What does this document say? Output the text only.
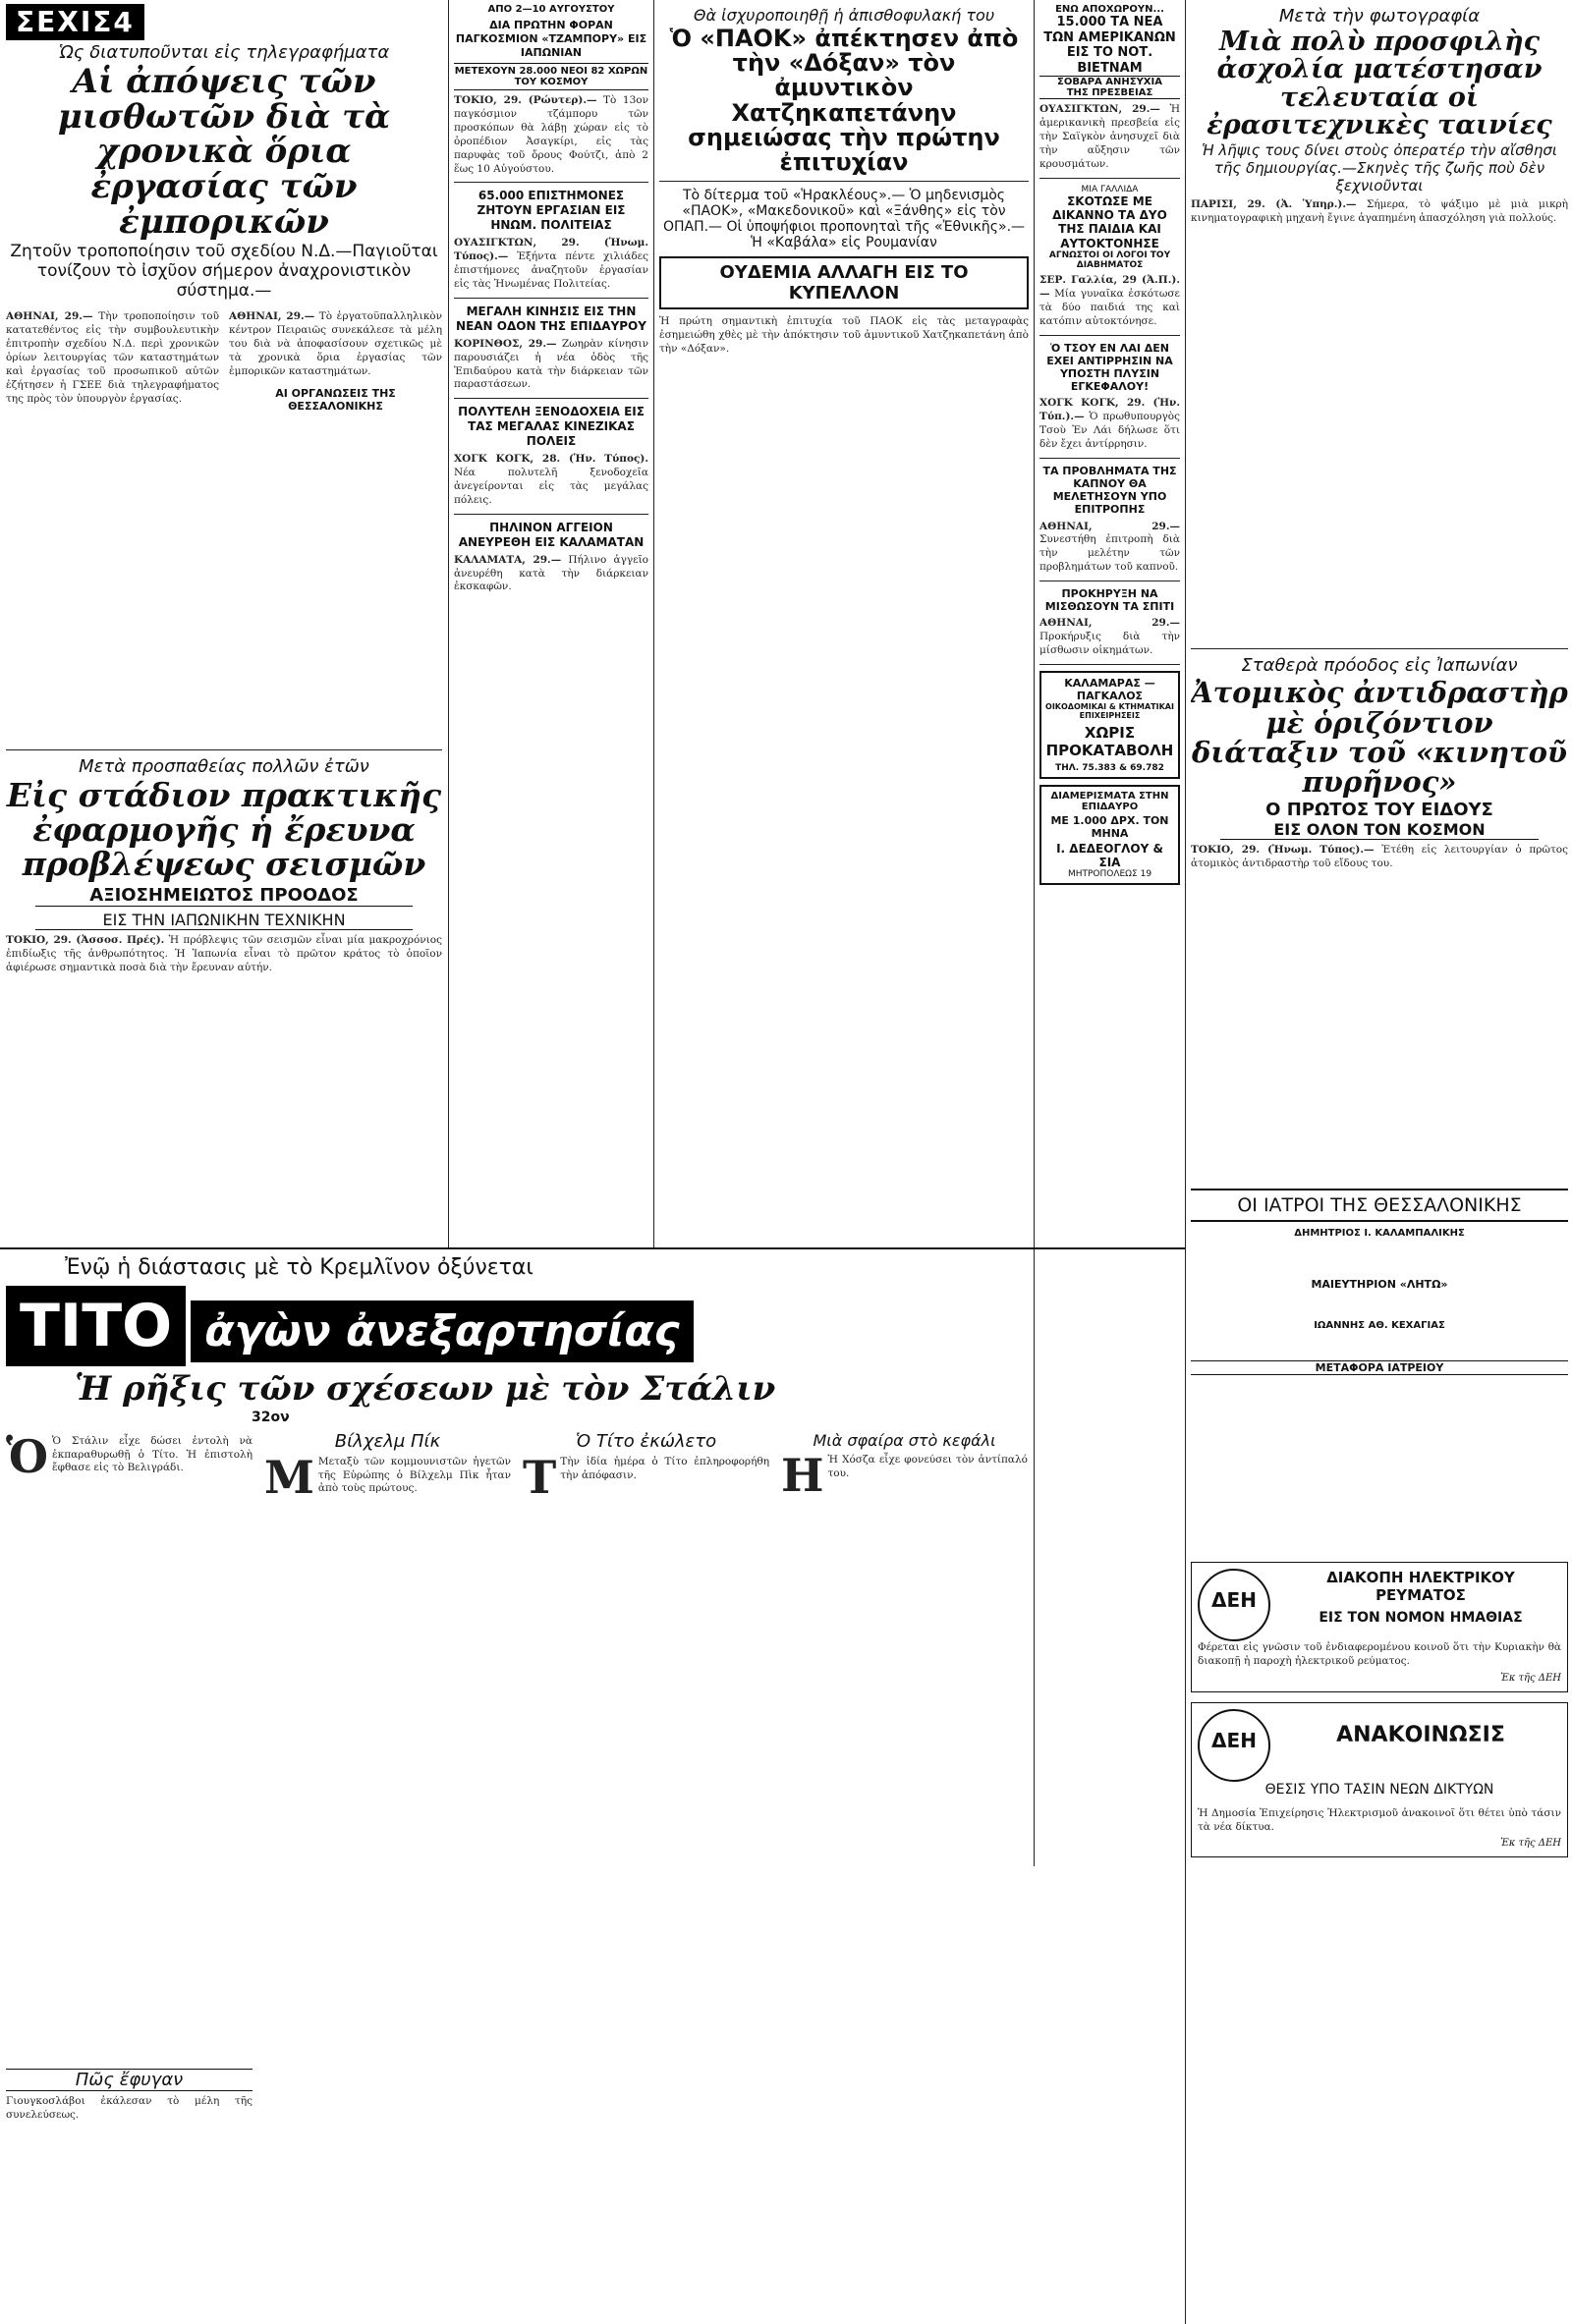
ΣΕΧΙΣ4
Ὡς διατυποῦνται εἰς τηλεγραφήματα
Αἱ ἀπόψεις τῶν μισθωτῶν διὰ τὰ χρονικὰ ὅρια ἐργασίας τῶν ἐμπορικῶν
Ζητοῦν τροποποίησιν τοῦ σχεδίου Ν.Δ.—Παγιοῦται τονίζουν τὸ ἰσχῦον σήμερον ἀναχρονιστικὸν σύστημα.—
ΑΘΗΝΑΙ, 29.— Τὴν τροποποίησιν τοῦ κατατεθέντος εἰς τὴν συμβουλευτικὴν ἐπιτροπὴν σχεδίου Ν.Δ. περὶ χρονικῶν ὁρίων λειτουργίας τῶν καταστημάτων καὶ ἐργασίας τοῦ προσωπικοῦ αὐτῶν ἐζήτησεν ἡ ΓΣΕΕ διὰ τηλεγραφήματος της πρὸς τὸν ὑπουργὸν ἐργασίας.
ΑΘΗΝΑΙ, 29.— Τὸ ἐργατοϋπαλληλικὸν κέντρον Πειραιῶς συνεκάλεσε τὰ μέλη του διὰ νὰ ἀποφασίσουν σχετικῶς μὲ τὰ χρονικὰ ὅρια ἐργασίας τῶν ἐμπορικῶν καταστημάτων.
ΑΙ ΟΡΓΑΝΩΣΕΙΣ ΤΗΣ ΘΕΣΣΑΛΟΝΙΚΗΣ
Μετὰ προσπαθείας πολλῶν ἐτῶν
Εἰς στάδιον πρακτικῆς ἐφαρμογῆς ἡ ἔρευνα προβλέψεως σεισμῶν
ΑΞΙΟΣΗΜΕΙΩΤΟΣ ΠΡΟΟΔΟΣ
ΕΙΣ ΤΗΝ ΙΑΠΩΝΙΚΗΝ ΤΕΧΝΙΚΗΝ
ΤΟΚΙΟ, 29. (Ἀσσοσ. Πρές). Ἡ πρόβλεψις τῶν σεισμῶν εἶναι μία μακροχρόνιος ἐπιδίωξις τῆς ἀνθρωπότητος. Ἡ Ἰαπωνία εἶναι τὸ πρῶτον κράτος τὸ ὁποῖον ἀφιέρωσε σημαντικὰ ποσὰ διὰ τὴν ἔρευναν αὐτήν.
ΑΠΟ 2—10 ΑΥΓΟΥΣΤΟΥ
ΔΙΑ ΠΡΩΤΗΝ ΦΟΡΑΝ ΠΑΓΚΟΣΜΙΟΝ «ΤΖΑΜΠΟΡΥ» ΕΙΣ ΙΑΠΩΝΙΑΝ
ΜΕΤΕΧΟΥΝ 28.000 ΝΕΟΙ 82 ΧΩΡΩΝ ΤΟΥ ΚΟΣΜΟΥ
ΤΟΚΙΟ, 29. (Ρώυτερ).— Τὸ 13ον παγκόσμιον τζάμπορυ τῶν προσκόπων θὰ λάβῃ χώραν εἰς τὸ ὀροπέδιον Ἀσαγκίρι, εἰς τὰς παρυφὰς τοῦ ὄρους Φούτζι, ἀπὸ 2 ἕως 10 Αὐγούστου.
65.000 ΕΠΙΣΤΗΜΟΝΕΣ ΖΗΤΟΥΝ ΕΡΓΑΣΙΑΝ ΕΙΣ ΗΝΩΜ. ΠΟΛΙΤΕΙΑΣ
ΟΥΑΣΙΓΚΤΩΝ, 29. (Ἠνωμ. Τύπος).— Ἐξήντα πέντε χιλιάδες ἐπιστήμονες ἀναζητοῦν ἐργασίαν εἰς τὰς Ἠνωμένας Πολιτείας.
ΜΕΓΑΛΗ ΚΙΝΗΣΙΣ ΕΙΣ ΤΗΝ ΝΕΑΝ ΟΔΟΝ ΤΗΣ ΕΠΙΔΑΥΡΟΥ
ΚΟΡΙΝΘΟΣ, 29.— Ζωηρὰν κίνησιν παρουσιάζει ἡ νέα ὁδὸς τῆς Ἐπιδαύρου κατὰ τὴν διάρκειαν τῶν παραστάσεων.
ΠΟΛΥΤΕΛΗ ΞΕΝΟΔΟΧΕΙΑ ΕΙΣ ΤΑΣ ΜΕΓΑΛΑΣ ΚΙΝΕΖΙΚΑΣ ΠΟΛΕΙΣ
ΧΟΓΚ ΚΟΓΚ, 28. (Ἠν. Τύπος). Νέα πολυτελῆ ξενοδοχεῖα ἀνεγείρονται εἰς τὰς μεγάλας πόλεις.
ΠΗΛΙΝΟΝ ΑΓΓΕΙΟΝ ΑΝΕΥΡΕΘΗ ΕΙΣ ΚΑΛΑΜΑΤΑΝ
ΚΑΛΑΜΑΤΑ, 29.— Πήλινο ἀγγεῖο ἀνευρέθη κατὰ τὴν διάρκειαν ἐκσκαφῶν.
Θὰ ἰσχυροποιηθῇ ἡ ἀπισθοφυλακή του
Ὁ «ΠΑΟΚ» ἀπέκτησεν ἀπὸ τὴν «Δόξαν» τὸν ἀμυντικὸν Χατζηκαπετάνην σημειώσας τὴν πρώτην ἐπιτυχίαν
Τὸ δίτερμα τοῦ «Ἡρακλέους».— Ὁ μηδενισμὸς «ΠΑΟΚ», «Μακεδονικοῦ» καὶ «Ξάνθης» εἰς τὸν ΟΠΑΠ.— Οἱ ὑποψήφιοι προπονηταὶ τῆς «Ἐθνικῆς».— Ἡ «Καβάλα» εἰς Ρουμανίαν
ΟΥΔΕΜΙΑ ΑΛΛΑΓΗ ΕΙΣ ΤΟ ΚΥΠΕΛΛΟΝ
Ἡ πρώτη σημαντικὴ ἐπιτυχία τοῦ ΠΑΟΚ εἰς τὰς μεταγραφὰς ἐσημειώθη χθὲς μὲ τὴν ἀπόκτησιν τοῦ ἀμυντικοῦ Χατζηκαπετάνη ἀπὸ τὴν «Δόξαν».
ΕΝΩ ΑΠΟΧΩΡΟΥΝ...
15.000 ΤΑ ΝΕΑ ΤΩΝ ΑΜΕΡΙΚΑΝΩΝ ΕΙΣ ΤΟ ΝΟΤ. ΒΙΕΤΝΑΜ
ΣΟΒΑΡΑ ΑΝΗΣΥΧΙΑ
ΤΗΣ ΠΡΕΣΒΕΙΑΣ
ΟΥΑΣΙΓΚΤΩΝ, 29.— Ἡ ἀμερικανικὴ πρεσβεία εἰς τὴν Σαϊγκὸν ἀνησυχεῖ διὰ τὴν αὔξησιν τῶν κρουσμάτων.
ΜΙΑ ΓΑΛΛΙΔΑ
ΣΚΟΤΩΣΕ ΜΕ ΔΙΚΑΝΝΟ ΤΑ ΔΥΟ ΤΗΣ ΠΑΙΔΙΑ ΚΑΙ ΑΥΤΟΚΤΟΝΗΣΕ
ΑΓΝΩΣΤΟΙ ΟΙ ΛΟΓΟΙ ΤΟΥ ΔΙΑΒΗΜΑΤΟΣ
ΣΕΡ. Γαλλία, 29 (Ἀ.Π.).— Μία γυναῖκα ἐσκότωσε τὰ δύο παιδιά της καὶ κατόπιν αὐτοκτόνησε.
Ὁ ΤΣΟΥ ΕΝ ΛΑΙ ΔΕΝ ΕΧΕΙ ΑΝΤΙΡΡΗΣΙΝ ΝΑ ΥΠΟΣΤΗ ΠΛΥΣΙΝ ΕΓΚΕΦΑΛΟΥ!
ΧΟΓΚ ΚΟΓΚ, 29. (Ἠν. Τύπ.).— Ὁ πρωθυπουργὸς Τσοὺ Ἐν Λάι δήλωσε ὅτι δὲν ἔχει ἀντίρρησιν.
ΤΑ ΠΡΟΒΛΗΜΑΤΑ ΤΗΣ ΚΑΠΝΟΥ ΘΑ ΜΕΛΕΤΗΣΟΥΝ ΥΠΟ ΕΠΙΤΡΟΠΗΣ
ΑΘΗΝΑΙ, 29.— Συνεστήθη ἐπιτροπὴ διὰ τὴν μελέτην τῶν προβλημάτων τοῦ καπνοῦ.
ΠΡΟΚΗΡΥΞΗ ΝΑ ΜΙΣΘΩΣΟΥΝ ΤΑ ΣΠΙΤΙ
ΑΘΗΝΑΙ, 29.— Προκήρυξις διὰ τὴν μίσθωσιν οἰκημάτων.
ΚΑΛΑΜΑΡΑΣ — ΠΑΓΚΑΛΟΣ
ΟΙΚΟΔΟΜΙΚΑΙ & ΚΤΗΜΑΤΙΚΑΙ ΕΠΙΧΕΙΡΗΣΕΙΣ
ΧΩΡΙΣ ΠΡΟΚΑΤΑΒΟΛΗ
ΤΗΛ. 75.383 & 69.782
ΔΙΑΜΕΡΙΣΜΑΤΑ ΣΤΗΝ ΕΠΙΔΑΥΡΟ
ΜΕ 1.000 ΔΡΧ. ΤΟΝ ΜΗΝΑ
Ι. ΔΕΔΕΟΓΛΟΥ & ΣΙΑ
ΜΗΤΡΟΠΟΛΕΩΣ 19
Μετὰ τὴν φωτογραφία
Μιὰ πολὺ προσφιλὴς ἀσχολία ματέστησαν τελευταία οἱ ἐρασιτεχνικὲς ταινίες
Ἡ λῆψις τους δίνει στοὺς ὀπερατέρ τὴν αἴσθησι τῆς δημιουργίας.—Σκηνὲς τῆς ζωῆς ποὺ δὲν ξεχνιοῦνται
ΠΑΡΙΣΙ, 29. (Ἀ. Ὑπηρ.).— Σήμερα, τὸ ψάξιμο μὲ μιὰ μικρὴ κινηματογραφικὴ μηχανὴ ἔγινε ἀγαπημένη ἀπασχόληση γιὰ πολλούς.
Σταθερὰ πρόοδος εἰς Ἰαπωνίαν
Ἀτομικὸς ἀντιδραστὴρ μὲ ὁριζόντιον διάταξιν τοῦ «κινητοῦ πυρῆνος»
Ο ΠΡΩΤΟΣ ΤΟΥ ΕΙΔΟΥΣ
ΕΙΣ ΟΛΟΝ ΤΟΝ ΚΟΣΜΟΝ
ΤΟΚΙΟ, 29. (Ἠνωμ. Τύπος).— Ἐτέθη εἰς λειτουργίαν ὁ πρῶτος ἀτομικὸς ἀντιδραστὴρ τοῦ εἴδους του.
ΟΙ ΙΑΤΡΟΙ ΤΗΣ ΘΕΣΣΑΛΟΝΙΚΗΣ
ΔΗΜΗΤΡΙΟΣ Ι. ΚΑΛΑΜΠΑΛΙΚΗΣ
ΜΑΙΕΥΤΗΡΙΟΝ «ΛΗΤΩ»
ΙΩΑΝΝΗΣ ΑΘ. ΚΕΧΑΓΙΑΣ
ΜΕΤΑΦΟΡΑ ΙΑΤΡΕΙΟΥ
ΔΕΗ
ΔΙΑΚΟΠΗ ΗΛΕΚΤΡΙΚΟΥ ΡΕΥΜΑΤΟΣ
ΕΙΣ ΤΟΝ ΝΟΜΟΝ ΗΜΑΘΙΑΣ
Φέρεται εἰς γνῶσιν τοῦ ἐνδιαφερομένου κοινοῦ ὅτι τὴν Κυριακὴν θὰ διακοπῇ ἡ παροχὴ ἠλεκτρικοῦ ρεύματος.
Ἐκ τῆς ΔΕΗ
ΔΕΗ	ΑΝΑΚΟΙΝΩΣΙΣ
ΘΕΣΙΣ ΥΠΟ ΤΑΣΙΝ ΝΕΩΝ ΔΙΚΤΥΩΝ
Ἡ Δημοσία Ἐπιχείρησις Ἠλεκτρισμοῦ ἀνακοινοῖ ὅτι θέτει ὑπὸ τάσιν τὰ νέα δίκτυα.
Ἐκ τῆς ΔΕΗ
Ἐνῷ ἡ διάστασις μὲ τὸ Κρεμλῖνον ὀξύνεται
ΤΙΤΟ ἀγὼν ἀνεξαρτησίας
Ἡ ρῆξις τῶν σχέσεων μὲ τὸν Στάλιν
32ον
Ὁ Ὁ Στάλιν εἶχε δώσει ἐντολὴ νὰ ἐκπαραθυρωθῇ ὁ Τίτο. Ἡ ἐπιστολὴ ἔφθασε εἰς τὸ Βελιγράδι.
Πῶς ἔφυγαν
Γιουγκοσλάβοι ἐκάλεσαν τὸ μέλη τῆς συνελεύσεως.
Βίλχελμ Πίκ
Μ Μεταξὺ τῶν κομμουνιστῶν ἡγετῶν τῆς Εὐρώπης ὁ Βίλχελμ Πὶκ ἦταν ἀπὸ τοὺς πρώτους.
Ὁ Τίτο ἐκώλετο
Τ Τὴν ἰδία ἡμέρα ὁ Τίτο ἐπληροφορήθη τὴν ἀπόφασιν.
Μιὰ σφαίρα στὸ κεφάλι
Η Ἡ Χόσζα εἶχε φονεύσει τὸν ἀντίπαλό του.
